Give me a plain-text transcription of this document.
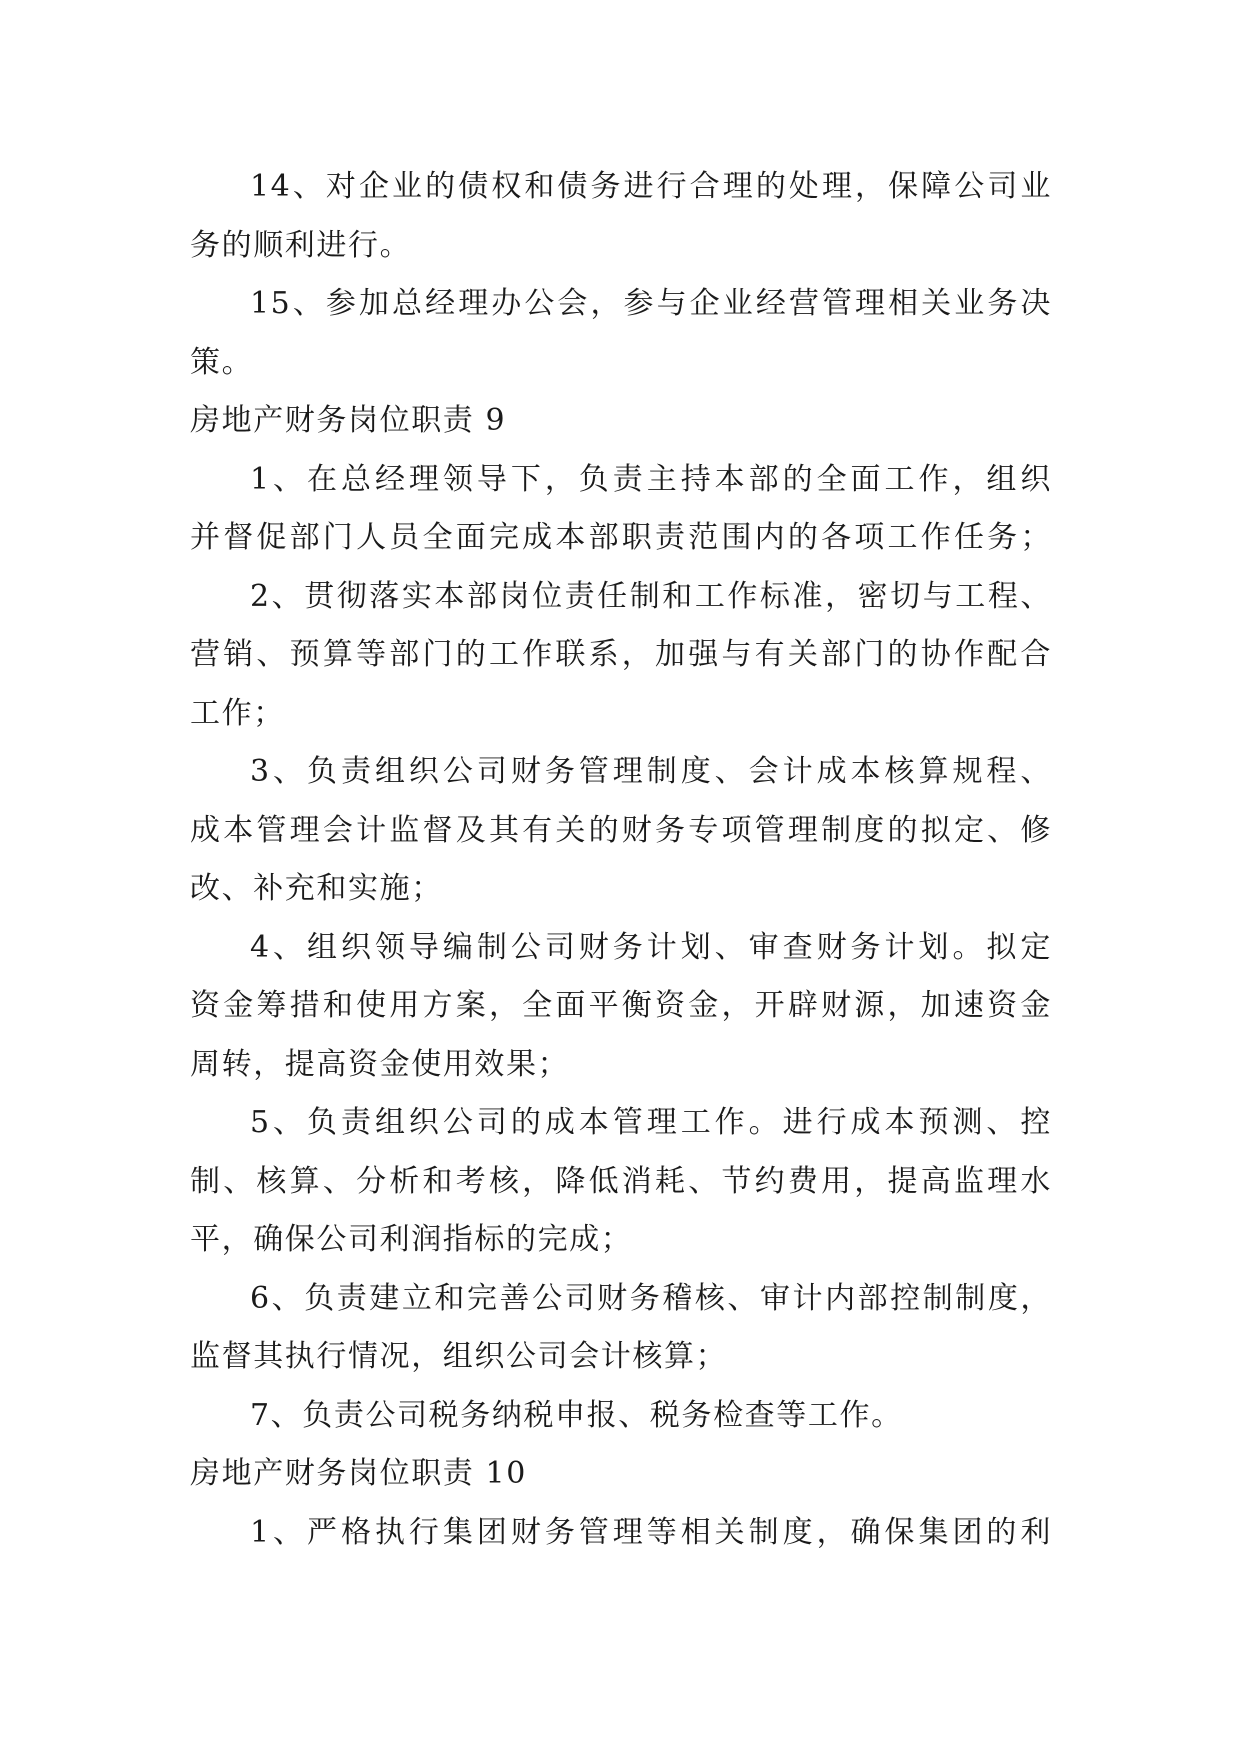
14、对企业的债权和债务进行合理的处理，保障公司业
务的顺利进行。
15、参加总经理办公会，参与企业经营管理相关业务决
策。
房地产财务岗位职责 9
1、在总经理领导下，负责主持本部的全面工作，组织
并督促部门人员全面完成本部职责范围内的各项工作任务；
2、贯彻落实本部岗位责任制和工作标准，密切与工程、
营销、预算等部门的工作联系，加强与有关部门的协作配合
工作；
3、负责组织公司财务管理制度、会计成本核算规程、
成本管理会计监督及其有关的财务专项管理制度的拟定、修
改、补充和实施；
4、组织领导编制公司财务计划、审查财务计划。拟定
资金筹措和使用方案，全面平衡资金，开辟财源，加速资金
周转，提高资金使用效果；
5、负责组织公司的成本管理工作。进行成本预测、控
制、核算、分析和考核，降低消耗、节约费用，提高监理水
平，确保公司利润指标的完成；
6、负责建立和完善公司财务稽核、审计内部控制制度，
监督其执行情况，组织公司会计核算；
7、负责公司税务纳税申报、税务检查等工作。
房地产财务岗位职责 10
1、严格执行集团财务管理等相关制度，确保集团的利
